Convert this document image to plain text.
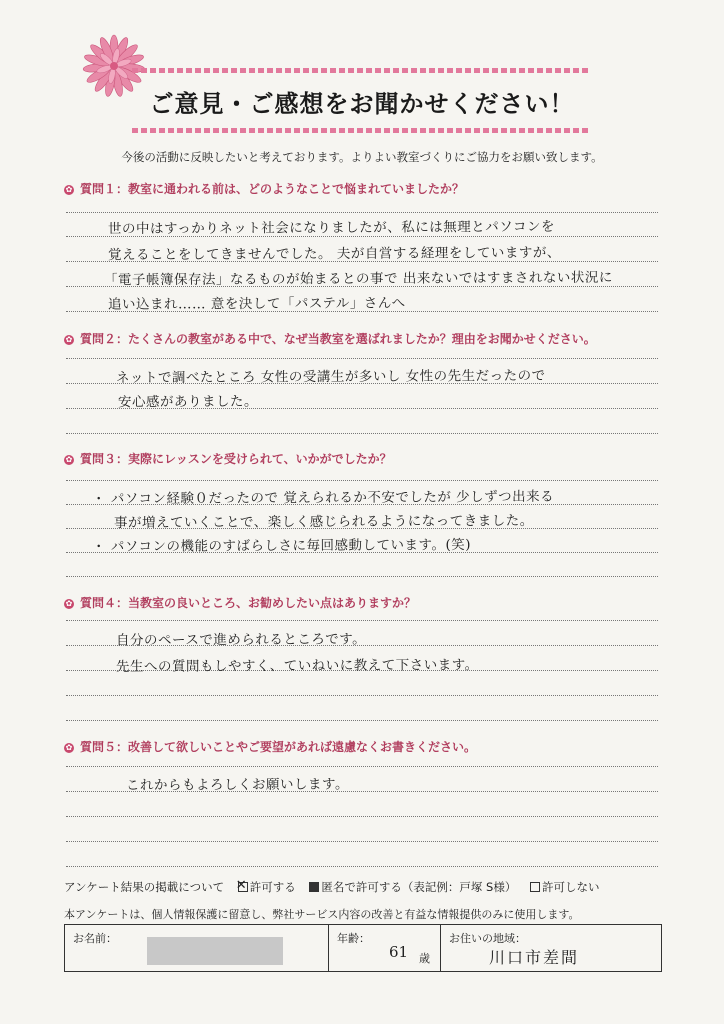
ご意見・ご感想をお聞かせください！
今後の活動に反映したいと考えております。よりよい教室づくりにご協力をお願い致します。
✿ 質問１：教室に通われる前は、どのようなことで悩まれていましたか？
世の中はすっかりネット社会になりましたが、私には無理とパソコンを
覚えることをしてきませんでした。 夫が自営する経理をしていますが、
「電子帳簿保存法」なるものが始まるとの事で 出来ないではすまされない状況に
追い込まれ…… 意を決して「パステル」さんへ
✿ 質問２：たくさんの教室がある中で、なぜ当教室を選ばれましたか？理由をお聞かせください。
ネットで調べたところ 女性の受講生が多いし 女性の先生だったので
安心感がありました。
✿ 質問３：実際にレッスンを受けられて、いかがでしたか？
・ パソコン経験０だったので 覚えられるか不安でしたが 少しずつ出来る
事が増えていくことで、楽しく感じられるようになってきました。
・ パソコンの機能のすばらしさに毎回感動しています。(笑)
✿ 質問４：当教室の良いところ、お勧めしたい点はありますか？
自分のペースで進められるところです。
先生への質問もしやすく、ていねいに教えて下さいます。
✿ 質問５：改善して欲しいことやご要望があれば遠慮なくお書きください。
これからもよろしくお願いします。
アンケート結果の掲載について ✕ 許可する 匿名で許可する（表記例：戸塚 S様） 許可しない
本アンケートは、個人情報保護に留意し、弊社サービス内容の改善と有益な情報提供のみに使用します。
お名前：	年齢：
61 歳
お住いの地域：
川口市差間
